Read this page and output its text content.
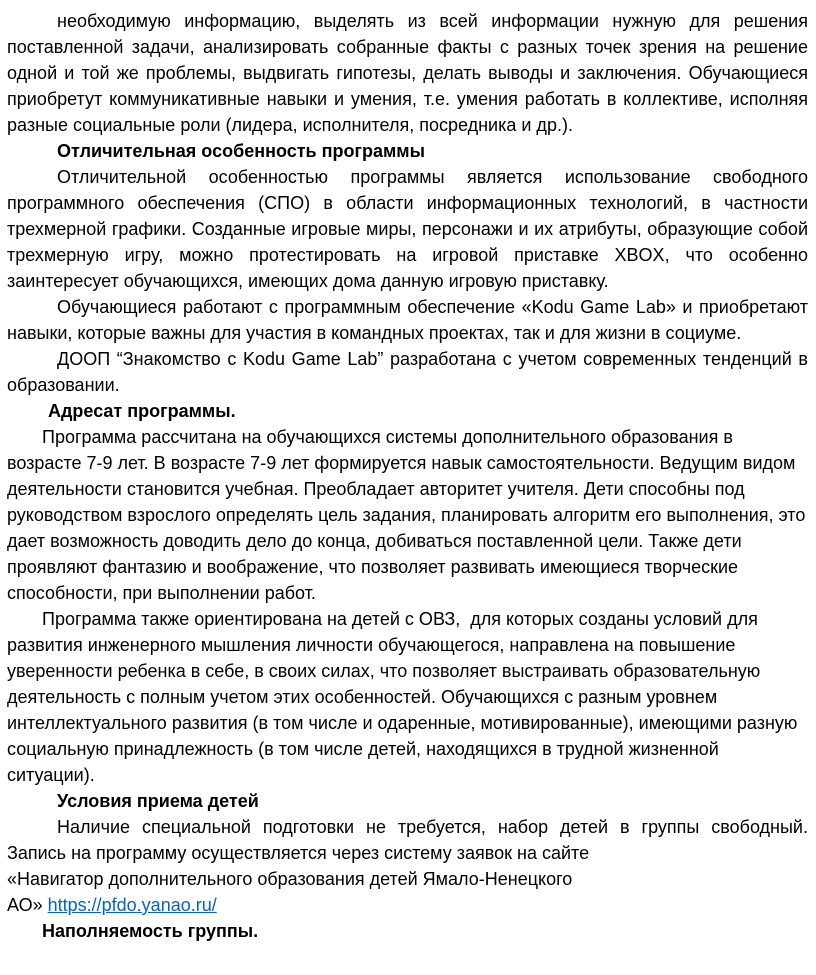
необходимую информацию, выделять из всей информации нужную для решения поставленной задачи, анализировать собранные факты с разных точек зрения на решение одной и той же проблемы, выдвигать гипотезы, делать выводы и заключения. Обучающиеся приобретут коммуникативные навыки и умения, т.е. умения работать в коллективе, исполняя разные социальные роли (лидера, исполнителя, посредника и др.).
Отличительная особенность программы
Отличительной особенностью программы является использование свободного программного обеспечения (СПО) в области информационных технологий, в частности трехмерной графики. Созданные игровые миры, персонажи и их атрибуты, образующие собой трехмерную игру, можно протестировать на игровой приставке XBOX, что особенно заинтересует обучающихся, имеющих дома данную игровую приставку.
Обучающиеся работают с программным обеспечение «Kodu Game Lab» и приобретают навыки, которые важны для участия в командных проектах, так и для жизни в социуме.
ДООП “Знакомство с Kodu Game Lab” разработана с учетом современных тенденций в образовании.
Адресат программы.
Программа рассчитана на обучающихся системы дополнительного образования в возрасте 7-9 лет. В возрасте 7-9 лет формируется навык самостоятельности. Ведущим видом деятельности становится учебная. Преобладает авторитет учителя. Дети способны под руководством взрослого определять цель задания, планировать алгоритм его выполнения, это дает возможность доводить дело до конца, добиваться поставленной цели. Также дети проявляют фантазию и воображение, что позволяет развивать имеющиеся творческие способности, при выполнении работ.
Программа также ориентирована на детей с ОВЗ,  для которых созданы условий для развития инженерного мышления личности обучающегося, направлена на повышение уверенности ребенка в себе, в своих силах, что позволяет выстраивать образовательную деятельность с полным учетом этих особенностей. Обучающихся с разным уровнем интеллектуального развития (в том числе и одаренные, мотивированные), имеющими разную социальную принадлежность (в том числе детей, находящихся в трудной жизненной ситуации).
Условия приема детей
Наличие специальной подготовки не требуется, набор детей в группы свободный.
Запись на программу осуществляется через систему заявок на сайте
«Навигатор дополнительного образования детей Ямало-Ненецкого
АО» https://pfdo.yanao.ru/
Наполняемость группы.
